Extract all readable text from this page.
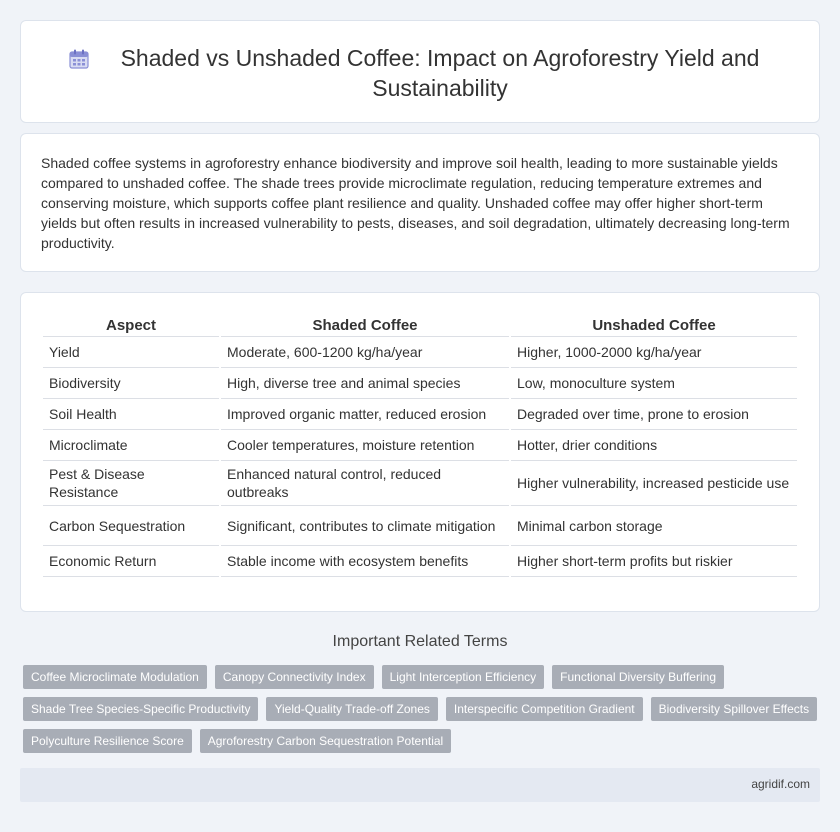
Shaded vs Unshaded Coffee: Impact on Agroforestry Yield and Sustainability

Shaded coffee systems in agroforestry enhance biodiversity and improve soil health, leading to more sustainable yields compared to unshaded coffee. The shade trees provide microclimate regulation, reducing temperature extremes and conserving moisture, which supports coffee plant resilience and quality. Unshaded coffee may offer higher short-term yields but often results in increased vulnerability to pests, diseases, and soil degradation, ultimately decreasing long-term productivity.

Aspect	Shaded Coffee	Unshaded Coffee
Yield	Moderate, 600-1200 kg/ha/year	Higher, 1000-2000 kg/ha/year
Biodiversity	High, diverse tree and animal species	Low, monoculture system
Soil Health	Improved organic matter, reduced erosion	Degraded over time, prone to erosion
Microclimate	Cooler temperatures, moisture retention	Hotter, drier conditions
Pest & Disease Resistance	Enhanced natural control, reduced outbreaks	Higher vulnerability, increased pesticide use
Carbon Sequestration	Significant, contributes to climate mitigation	Minimal carbon storage
Economic Return	Stable income with ecosystem benefits	Higher short-term profits but riskier
Important Related Terms
Coffee Microclimate Modulation	Canopy Connectivity Index	Light Interception Efficiency	Functional Diversity Buffering
Shade Tree Species-Specific Productivity	Yield-Quality Trade-off Zones	Interspecific Competition Gradient	Biodiversity Spillover Effects
Polyculture Resilience Score	Agroforestry Carbon Sequestration Potential
agridif.com
